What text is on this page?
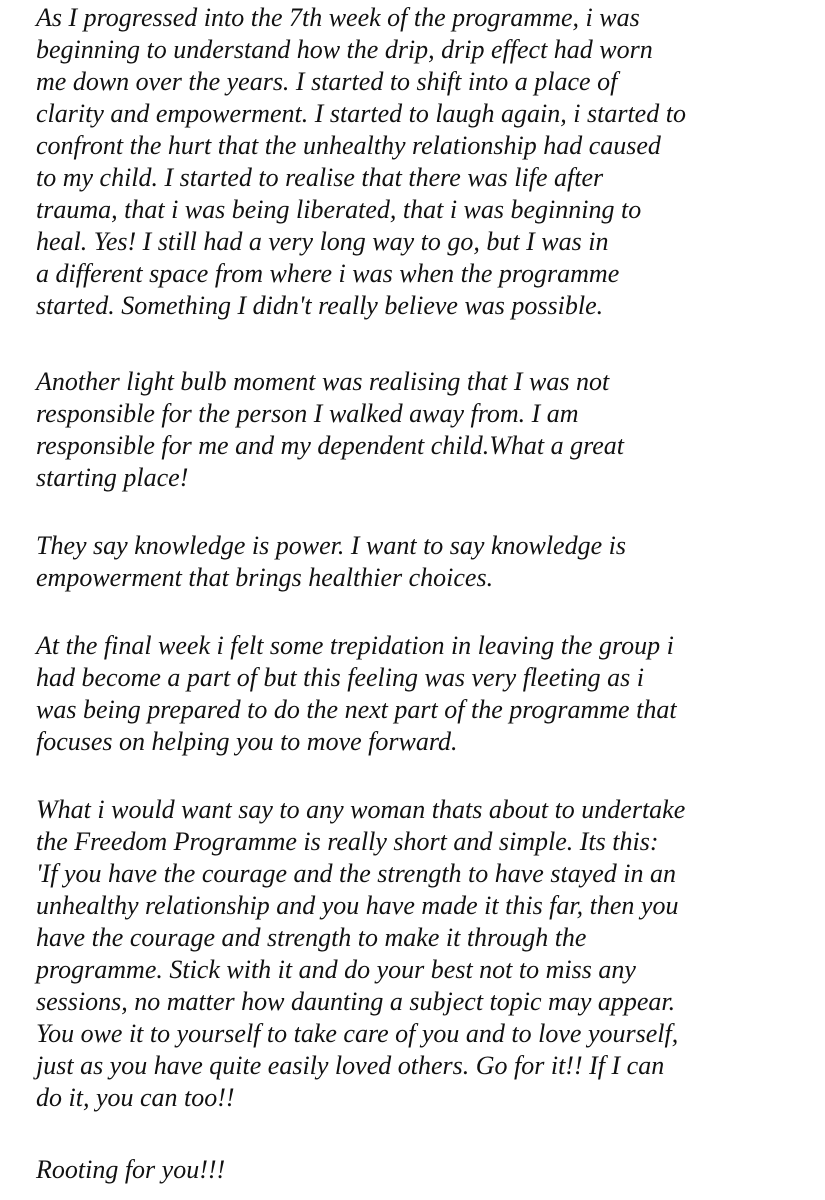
As I progressed into the 7th week of the programme, i was

beginning to understand how the drip, drip effect had worn

me down over the years. I started to shift into a place of

clarity and empowerment. I started to laugh again, i started to

confront the hurt that the unhealthy relationship had caused

to my child. I started to realise that there was life after

trauma, that i was being liberated, that i was beginning to

heal. Yes! I still had a very long way to go, but I was in

a different space from where i was when the programme

started. Something I didn't really believe was possible.

Another light bulb moment was realising that I was not

responsible for the person I walked away from. I am

responsible for me and my dependent child.What a great

starting place!

They say knowledge is power. I want to say knowledge is

empowerment that brings healthier choices.

At the final week i felt some trepidation in leaving the group i

had become a part of but this feeling was very fleeting as i

was being prepared to do the next part of the programme that

focuses on helping you to move forward.

What i would want say to any woman thats about to undertake

the Freedom Programme is really short and simple. Its this:

'If you have the courage and the strength to have stayed in an

unhealthy relationship and you have made it this far, then you

have the courage and strength to make it through the

programme. Stick with it and do your best not to miss any

sessions, no matter how daunting a subject topic may appear.

You owe it to yourself to take care of you and to love yourself,

just as you have quite easily loved others. Go for it!! If I can

do it, you can too!!

Rooting for you!!!
